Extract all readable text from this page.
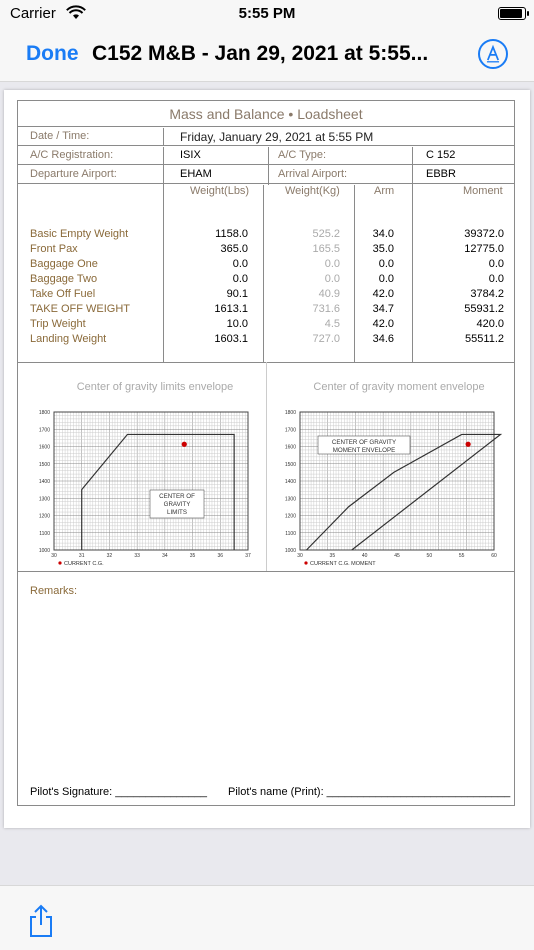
Carrier	5:55 PM
Done C152 M&B - Jan 29, 2021 at 5:55...
Mass and Balance • Loadsheet
Date / Time:	Friday, January 29, 2021 at 5:55 PM
A/C Registration:	ISIX	A/C Type:	C 152
Departure Airport:	EHAM	Arrival Airport:	EBBR
Weight(Lbs)	Weight(Kg)	Arm	Moment
Basic Empty Weight	1158.0	525.2	34.0	39372.0
Front Pax	365.0	165.5	35.0	12775.0
Baggage One	0.0	0.0	0.0	0.0
Baggage Two	0.0	0.0	0.0	0.0
Take Off Fuel	90.1	40.9	42.0	3784.2
TAKE OFF WEIGHT	1613.1	731.6	34.7	55931.2
Trip Weight	10.0	4.5	42.0	420.0
Landing Weight	1603.1	727.0	34.6	55511.2
Center of gravity limits envelope	Center of gravity moment envelope
1000
1100
1200
1300
1400
1500
1600
1700
1800
30	31	32	33	34	35	36	37
CENTER OF
GRAVITY
LIMITS
CURRENT C.G.
1000
1100
1200
1300
1400
1500
1600
1700
1800
30	35	40	45	50	55	60
CENTER OF GRAVITY
MOMENT ENVELOPE
CURRENT C.G. MOMENT
Remarks:
Pilot's Signature: _______________ Pilot's name (Print): ______________________________
